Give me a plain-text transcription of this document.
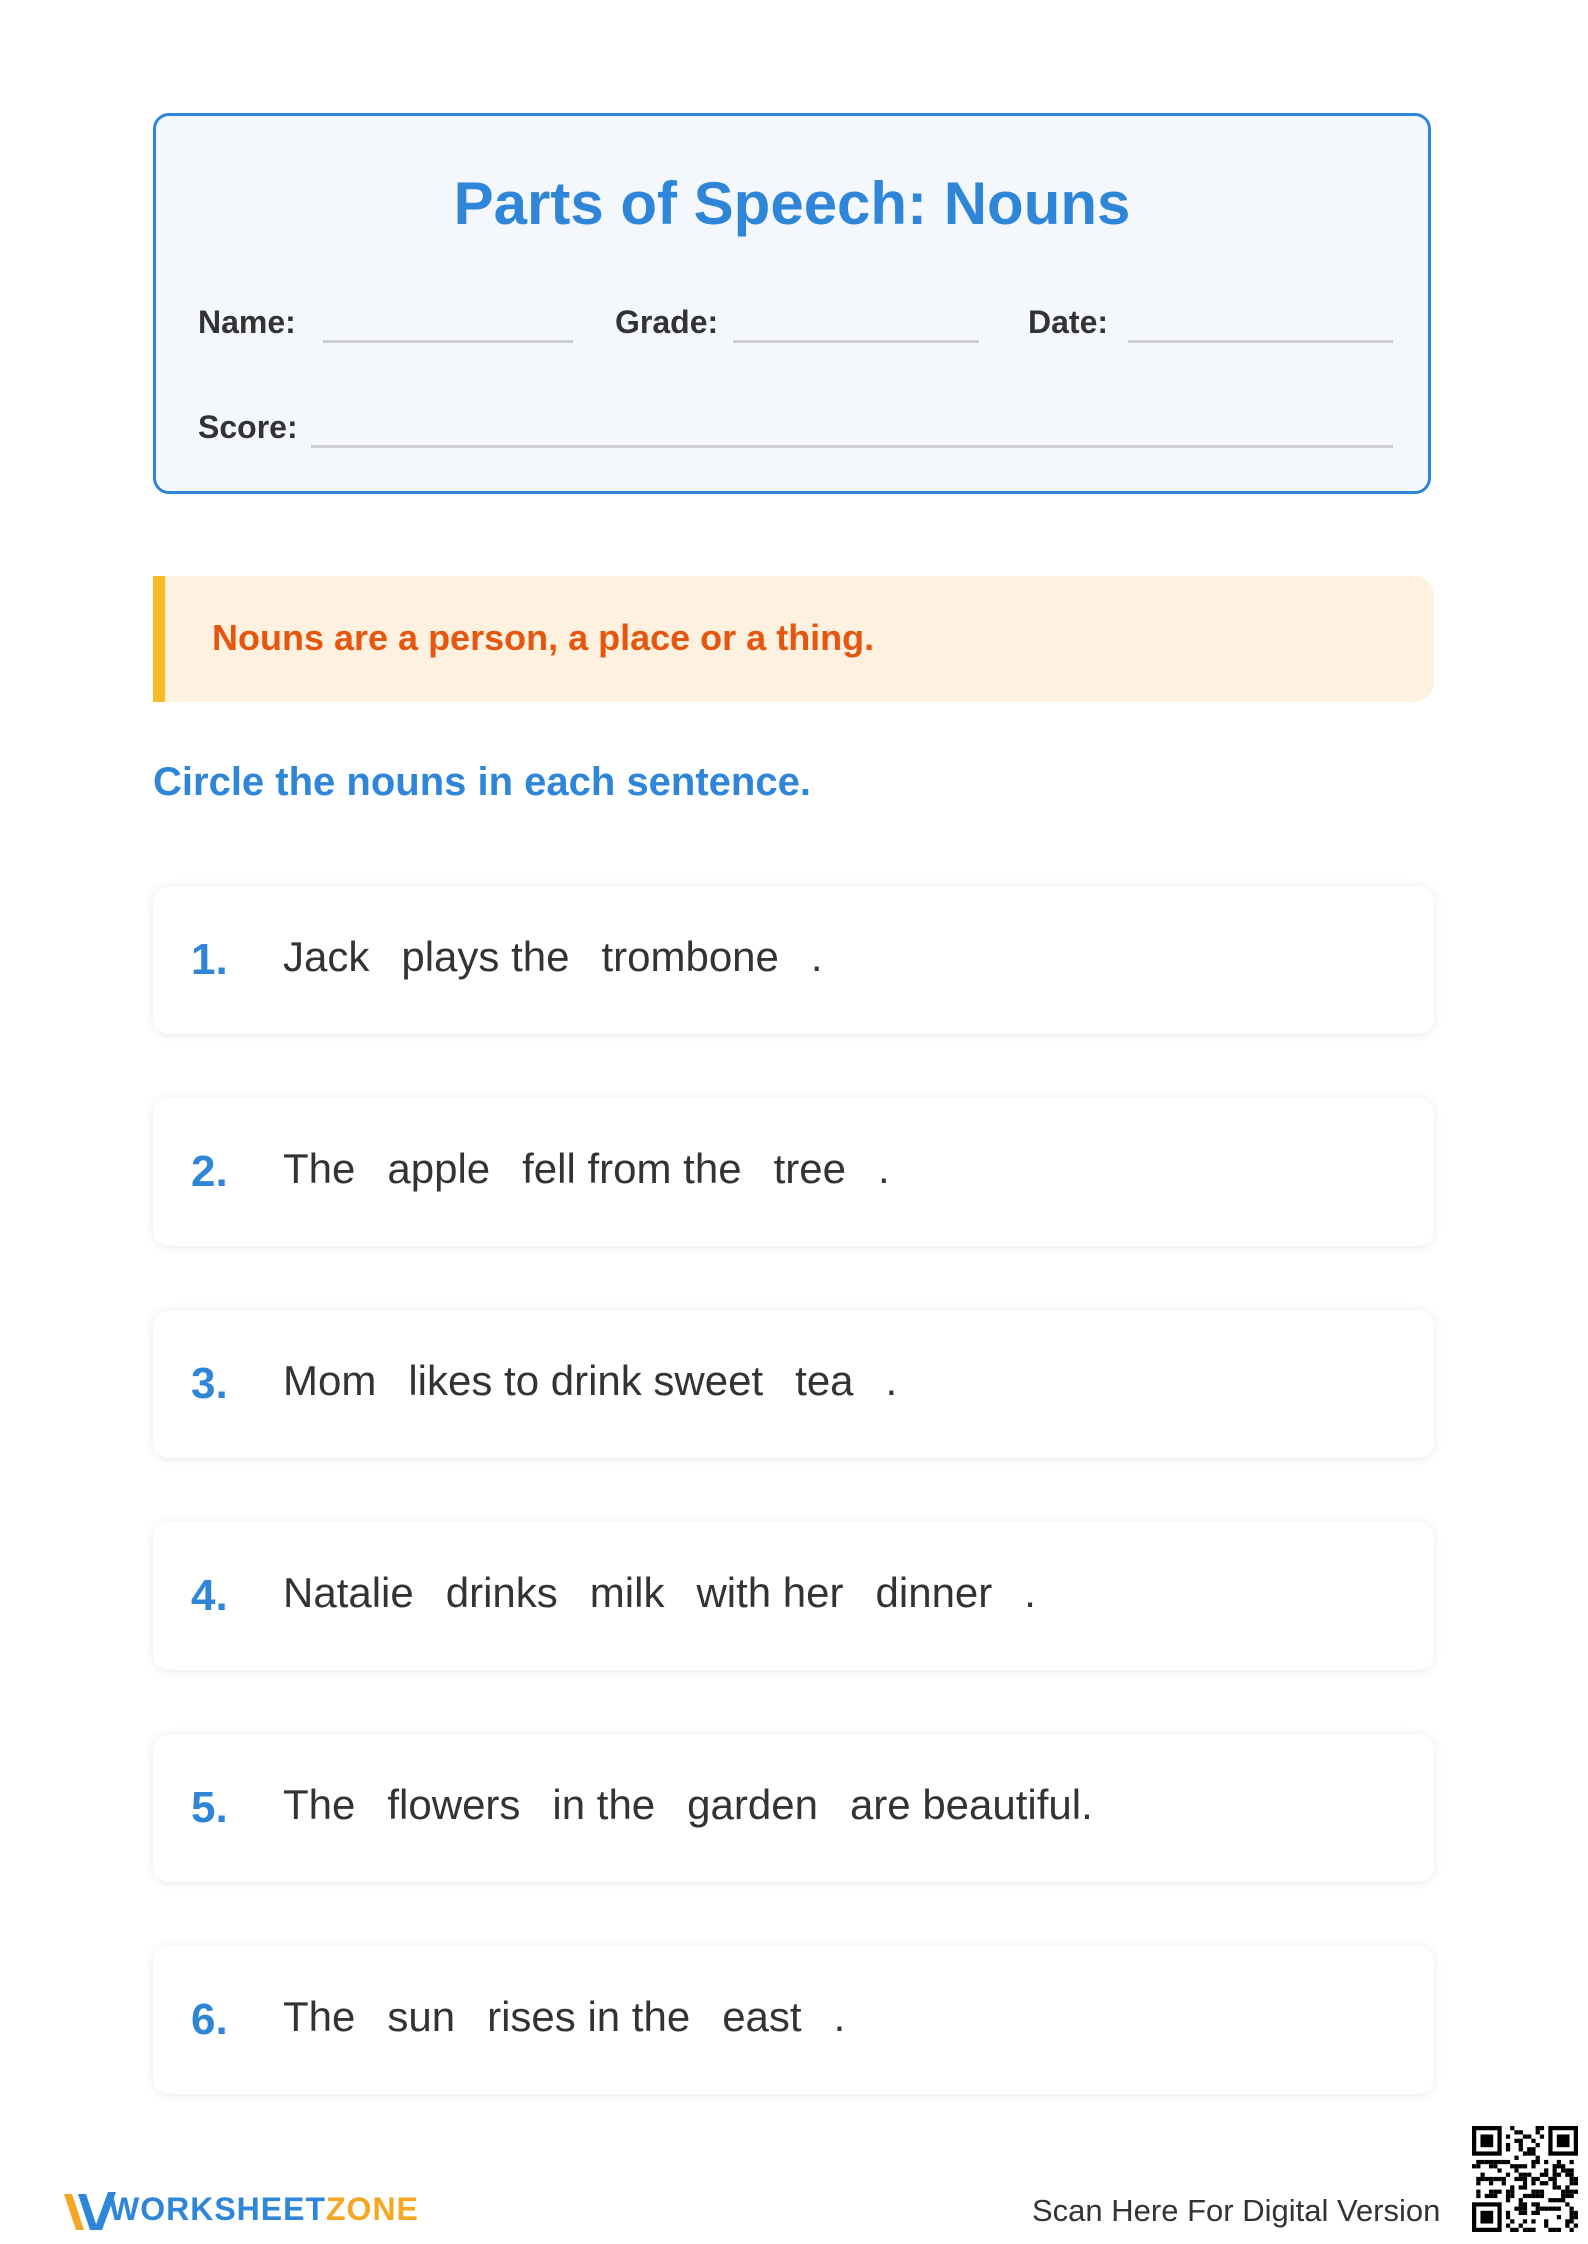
Parts of Speech: Nouns
Name:	Grade:	Date:
Score:
Nouns are a person, a place or a thing.
Circle the nouns in each sentence.
1. Jack plays the trombone .
2. The apple fell from the tree .
3. Mom likes to drink sweet tea .
4. Natalie drinks milk with her dinner .
5. The flowers in the garden are beautiful.
6. The sun rises in the east .
WORKSHEETZONE	Scan Here For Digital Version
